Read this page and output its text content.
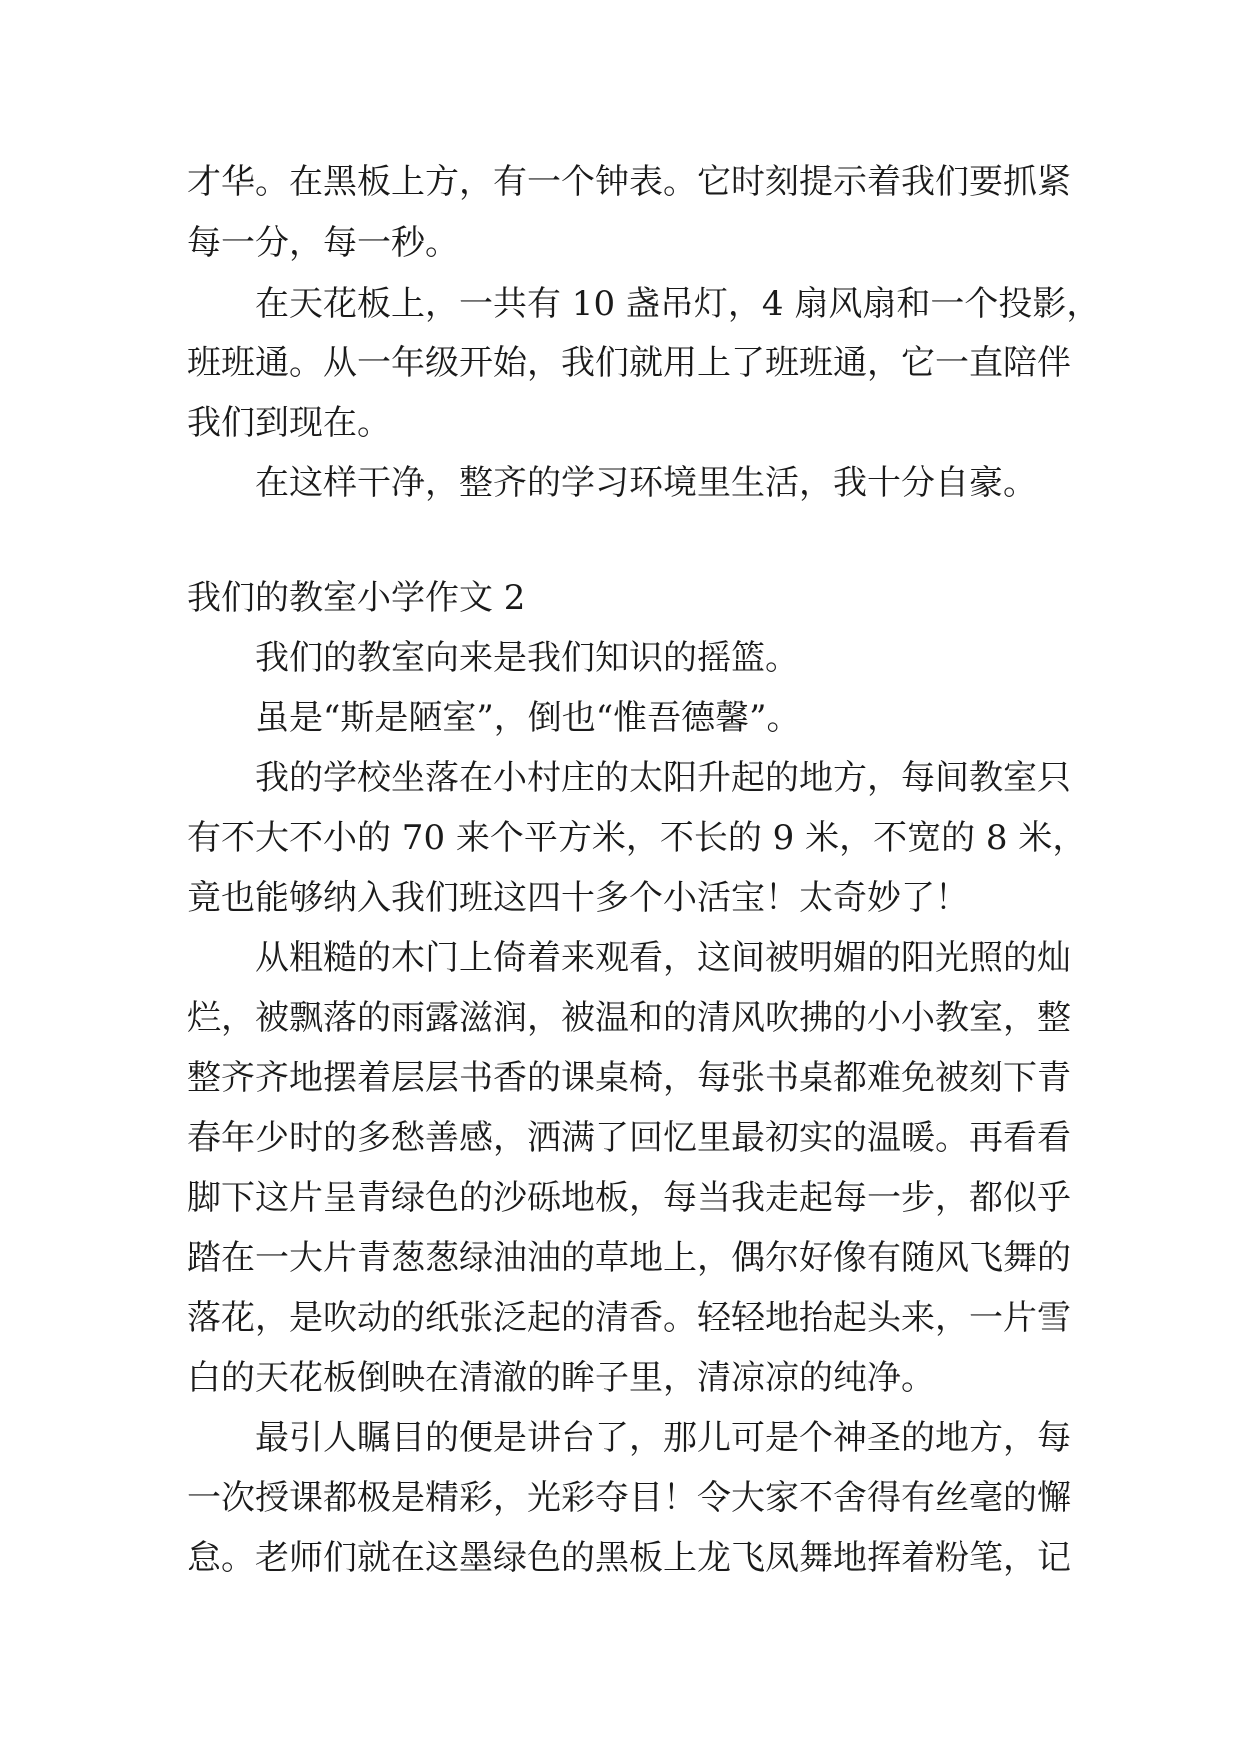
才华。在黑板上方，有一个钟表。它时刻提示着我们要抓紧
每一分，每一秒。
在天花板上，一共有 10 盏吊灯，4 扇风扇和一个投影，
班班通。从一年级开始，我们就用上了班班通，它一直陪伴
我们到现在。
在这样干净，整齐的学习环境里生活，我十分自豪。
我们的教室小学作文 2
我们的教室向来是我们知识的摇篮。
虽是“斯是陋室”，倒也“惟吾德馨”。
我的学校坐落在小村庄的太阳升起的地方，每间教室只
有不大不小的 70 来个平方米，不长的 9 米，不宽的 8 米，
竟也能够纳入我们班这四十多个小活宝！太奇妙了！
从粗糙的木门上倚着来观看，这间被明媚的阳光照的灿
烂，被飘落的雨露滋润，被温和的清风吹拂的小小教室，整
整齐齐地摆着层层书香的课桌椅，每张书桌都难免被刻下青
春年少时的多愁善感，洒满了回忆里最初实的温暖。再看看
脚下这片呈青绿色的沙砾地板，每当我走起每一步，都似乎
踏在一大片青葱葱绿油油的草地上，偶尔好像有随风飞舞的
落花，是吹动的纸张泛起的清香。轻轻地抬起头来，一片雪
白的天花板倒映在清澈的眸子里，清凉凉的纯净。
最引人瞩目的便是讲台了，那儿可是个神圣的地方，每
一次授课都极是精彩，光彩夺目！令大家不舍得有丝毫的懈
怠。老师们就在这墨绿色的黑板上龙飞凤舞地挥着粉笔，记
